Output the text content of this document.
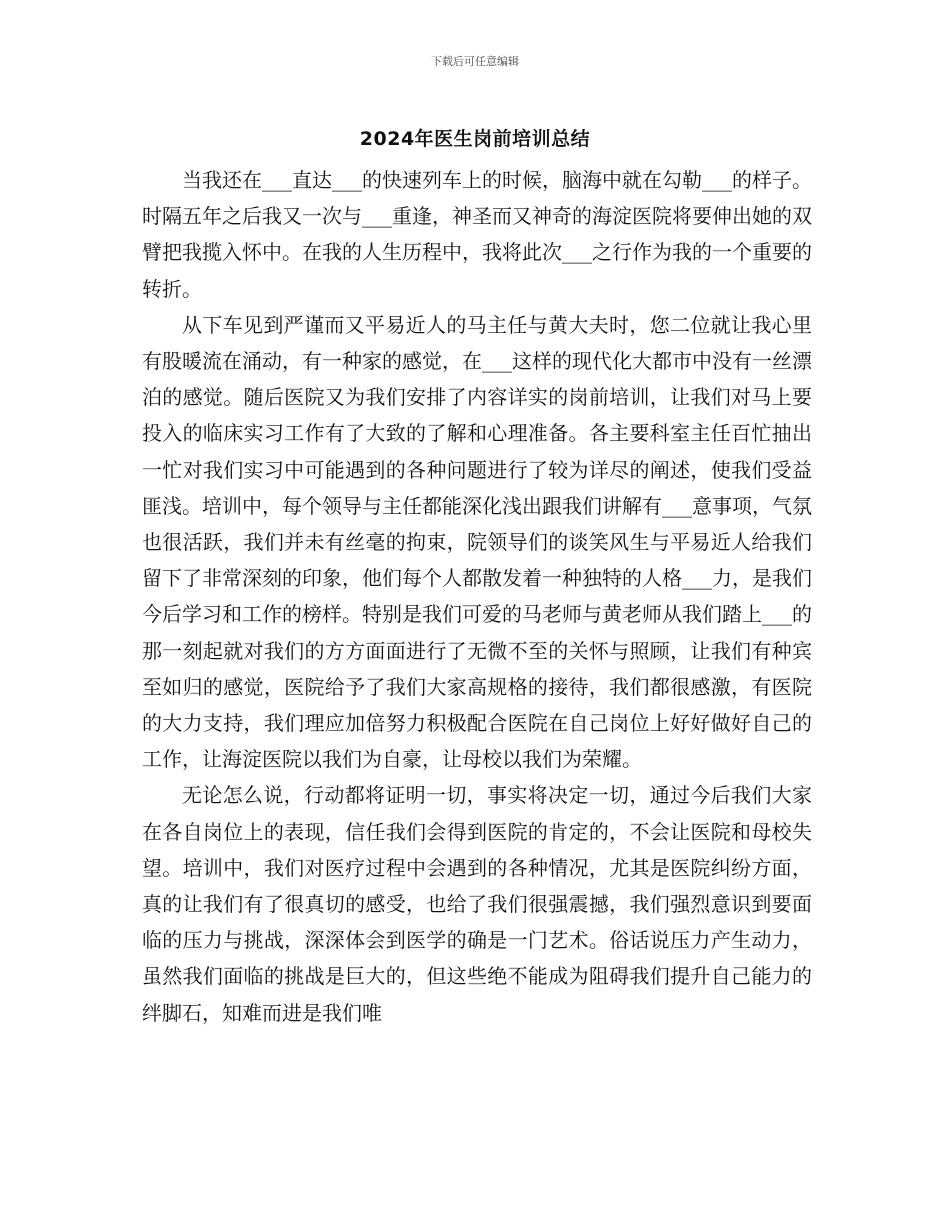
下载后可任意编辑
2024年医生岗前培训总结

当我还在___直达___的快速列车上的时候，脑海中就在勾勒___的样子。时隔五年之后我又一次与___重逢，神圣而又神奇的海淀医院将要伸出她的双臂把我揽入怀中。在我的人生历程中，我将此次___之行作为我的一个重要的转折。

从下车见到严谨而又平易近人的马主任与黄大夫时，您二位就让我心里有股暖流在涌动，有一种家的感觉，在___这样的现代化大都市中没有一丝漂泊的感觉。随后医院又为我们安排了内容详实的岗前培训，让我们对马上要投入的临床实习工作有了大致的了解和心理准备。各主要科室主任百忙抽出一忙对我们实习中可能遇到的各种问题进行了较为详尽的阐述，使我们受益匪浅。培训中，每个领导与主任都能深化浅出跟我们讲解有___意事项，气氛也很活跃，我们并未有丝毫的拘束，院领导们的谈笑风生与平易近人给我们留下了非常深刻的印象，他们每个人都散发着一种独特的人格___力，是我们今后学习和工作的榜样。特别是我们可爱的马老师与黄老师从我们踏上___的那一刻起就对我们的方方面面进行了无微不至的关怀与照顾，让我们有种宾至如归的感觉，医院给予了我们大家高规格的接待，我们都很感激，有医院的大力支持，我们理应加倍努力积极配合医院在自己岗位上好好做好自己的工作，让海淀医院以我们为自豪，让母校以我们为荣耀。

无论怎么说，行动都将证明一切，事实将决定一切，通过今后我们大家在各自岗位上的表现，信任我们会得到医院的肯定的，不会让医院和母校失望。培训中，我们对医疗过程中会遇到的各种情况，尤其是医院纠纷方面，真的让我们有了很真切的感受，也给了我们很强震撼，我们强烈意识到要面临的压力与挑战，深深体会到医学的确是一门艺术。俗话说压力产生动力，虽然我们面临的挑战是巨大的，但这些绝不能成为阻碍我们提升自己能力的绊脚石，知难而进是我们唯
